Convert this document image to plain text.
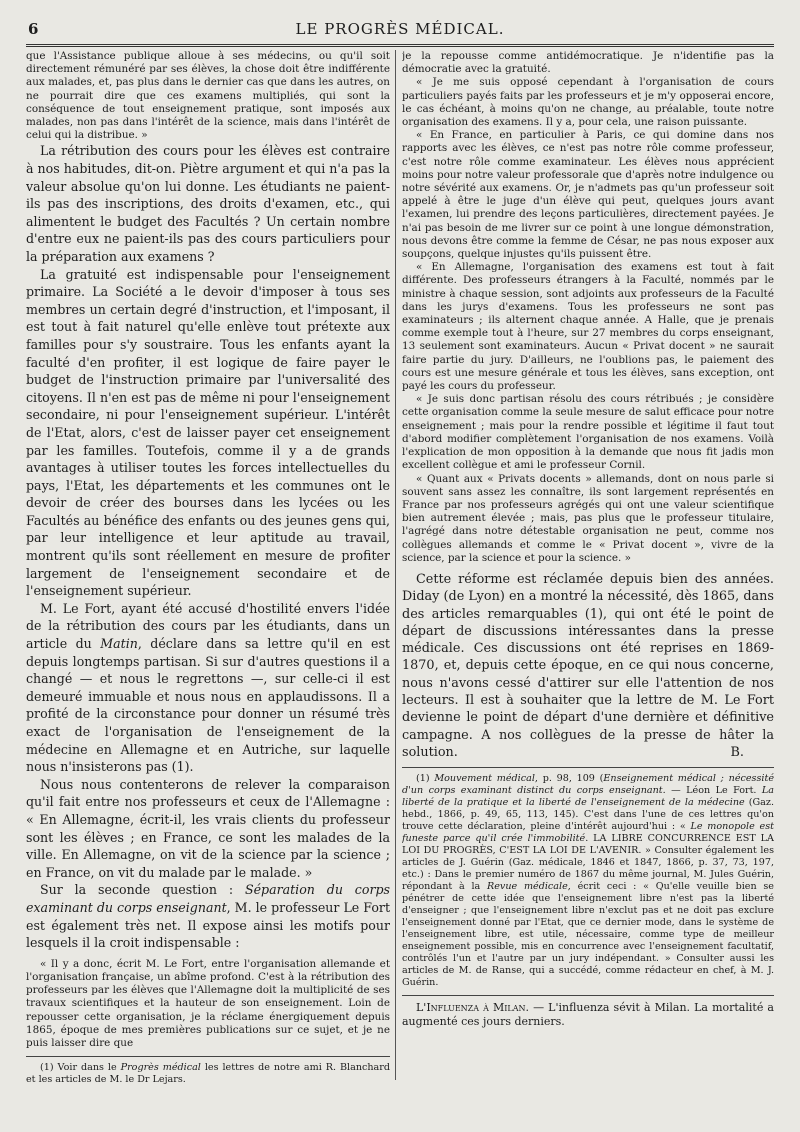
6	LE PROGRÈS MÉDICAL.

que l'Assistance publique alloue à ses médecins, ou qu'il soit directement rémunéré par ses élèves, la chose doit être indifférente aux malades, et, pas plus dans le dernier cas que dans les autres, on ne pourrait dire que ces examens multipliés, qui sont la conséquence de tout enseignement pratique, sont imposés aux malades, non pas dans l'intérêt de la science, mais dans l'intérêt de celui qui la distribue. »

La rétribution des cours pour les élèves est contraire à nos habitudes, dit-on. Piètre argument et qui n'a pas la valeur absolue qu'on lui donne. Les étudiants ne paient-ils pas des inscriptions, des droits d'examen, etc., qui alimentent le budget des Facultés ? Un certain nombre d'entre eux ne paient-ils pas des cours particuliers pour la préparation aux examens ?

La gratuité est indispensable pour l'enseignement primaire. La Société a le devoir d'imposer à tous ses membres un certain degré d'instruction, et l'imposant, il est tout à fait naturel qu'elle enlève tout prétexte aux familles pour s'y soustraire. Tous les enfants ayant la faculté d'en profiter, il est logique de faire payer le budget de l'instruction primaire par l'universalité des citoyens. Il n'en est pas de même ni pour l'enseignement secondaire, ni pour l'enseignement supérieur. L'intérêt de l'Etat, alors, c'est de laisser payer cet enseignement par les familles. Toutefois, comme il y a de grands avantages à utiliser toutes les forces intellectuelles du pays, l'Etat, les départements et les communes ont le devoir de créer des bourses dans les lycées ou les Facultés au bénéfice des enfants ou des jeunes gens qui, par leur intelligence et leur aptitude au travail, montrent qu'ils sont réellement en mesure de profiter largement de l'enseignement secondaire et de l'enseignement supérieur.

M. Le Fort, ayant été accusé d'hostilité envers l'idée de la rétribution des cours par les étudiants, dans un article du Matin, déclare dans sa lettre qu'il en est depuis longtemps partisan. Si sur d'autres questions il a changé — et nous le regrettons —, sur celle-ci il est demeuré immuable et nous nous en applaudissons. Il a profité de la circonstance pour donner un résumé très exact de l'organisation de l'enseignement de la médecine en Allemagne et en Autriche, sur laquelle nous n'insisterons pas (1).

Nous nous contenterons de relever la comparaison qu'il fait entre nos professeurs et ceux de l'Allemagne : « En Allemagne, écrit-il, les vrais clients du professeur sont les élèves ; en France, ce sont les malades de la ville. En Allemagne, on vit de la science par la science ; en France, on vit du malade par le malade. »

Sur la seconde question : Séparation du corps examinant du corps enseignant, M. le professeur Le Fort est également très net. Il expose ainsi les motifs pour lesquels il la croit indispensable :

« Il y a donc, écrit M. Le Fort, entre l'organisation allemande et l'organisation française, un abîme profond. C'est à la rétribution des professeurs par les élèves que l'Allemagne doit la multiplicité de ses travaux scientifiques et la hauteur de son enseignement. Loin de repousser cette organisation, je la réclame énergiquement depuis 1865, époque de mes premières publications sur ce sujet, et je ne puis laisser dire que

(1) Voir dans le Progrès médical les lettres de notre ami R. Blanchard et les articles de M. le Dr Lejars.

je la repousse comme antidémocratique. Je n'identifie pas la démocratie avec la gratuité.

« Je me suis opposé cependant à l'organisation de cours particuliers payés faits par les professeurs et je m'y opposerai encore, le cas échéant, à moins qu'on ne change, au préalable, toute notre organisation des examens. Il y a, pour cela, une raison puissante.

« En France, en particulier à Paris, ce qui domine dans nos rapports avec les élèves, ce n'est pas notre rôle comme professeur, c'est notre rôle comme examinateur. Les élèves nous apprécient moins pour notre valeur professorale que d'après notre indulgence ou notre sévérité aux examens. Or, je n'admets pas qu'un professeur soit appelé à être le juge d'un élève qui peut, quelques jours avant l'examen, lui prendre des leçons particulières, directement payées. Je n'ai pas besoin de me livrer sur ce point à une longue démonstration, nous devons être comme la femme de César, ne pas nous exposer aux soupçons, quelque injustes qu'ils puissent être.

« En Allemagne, l'organisation des examens est tout à fait différente. Des professeurs étrangers à la Faculté, nommés par le ministre à chaque session, sont adjoints aux professeurs de la Faculté dans les jurys d'examens. Tous les professeurs ne sont pas examinateurs ; ils alternent chaque année. A Halle, que je prenais comme exemple tout à l'heure, sur 27 membres du corps enseignant, 13 seulement sont examinateurs. Aucun « Privat docent » ne saurait faire partie du jury. D'ailleurs, ne l'oublions pas, le paiement des cours est une mesure générale et tous les élèves, sans exception, ont payé les cours du professeur.

« Je suis donc partisan résolu des cours rétribués ; je considère cette organisation comme la seule mesure de salut efficace pour notre enseignement ; mais pour la rendre possible et légitime il faut tout d'abord modifier complètement l'organisation de nos examens. Voilà l'explication de mon opposition à la demande que nous fit jadis mon excellent collègue et ami le professeur Cornil.

« Quant aux « Privats docents » allemands, dont on nous parle si souvent sans assez les connaître, ils sont largement représentés en France par nos professeurs agrégés qui ont une valeur scientifique bien autrement élevée ; mais, pas plus que le professeur titulaire, l'agrégé dans notre détestable organisation ne peut, comme nos collègues allemands et comme le « Privat docent », vivre de la science, par la science et pour la science. »

Cette réforme est réclamée depuis bien des années. Diday (de Lyon) en a montré la nécessité, dès 1865, dans des articles remarquables (1), qui ont été le point de départ de discussions intéressantes dans la presse médicale. Ces discussions ont été reprises en 1869-1870, et, depuis cette époque, en ce qui nous concerne, nous n'avons cessé d'attirer sur elle l'attention de nos lecteurs. Il est à souhaiter que la lettre de M. Le Fort devienne le point de départ d'une dernière et définitive campagne. A nos collègues de la presse de hâter la solution.	B.

(1) Mouvement médical, p. 98, 109 (Enseignement médical ; nécessité d'un corps examinant distinct du corps enseignant. — Léon Le Fort. La liberté de la pratique et la liberté de l'enseignement de la médecine (Gaz. hebd., 1866, p. 49, 65, 113, 145). C'est dans l'une de ces lettres qu'on trouve cette déclaration, pleine d'intérêt aujourd'hui : « Le monopole est funeste parce qu'il crée l'immobilité. LA LIBRE CONCURRENCE EST LA LOI DU PROGRÈS, C'EST LA LOI DE L'AVENIR. » Consulter également les articles de J. Guérin (Gaz. médicale, 1846 et 1847, 1866, p. 37, 73, 197, etc.) : Dans le premier numéro de 1867 du même journal, M. Jules Guérin, répondant à la Revue médicale, écrit ceci : « Qu'elle veuille bien se pénétrer de cette idée que l'enseignement libre n'est pas la liberté d'enseigner ; que l'enseignement libre n'exclut pas et ne doit pas exclure l'enseignement donné par l'Etat, que ce dernier mode, dans le système de l'enseignement libre, est utile, nécessaire, comme type de meilleur enseignement possible, mis en concurrence avec l'enseignement facultatif, contrôlés l'un et l'autre par un jury indépendant. » Consulter aussi les articles de M. de Ranse, qui a succédé, comme rédacteur en chef, à M. J. Guérin.

L'Influenza à Milan. — L'influenza sévit à Milan. La mortalité a augmenté ces jours derniers.
